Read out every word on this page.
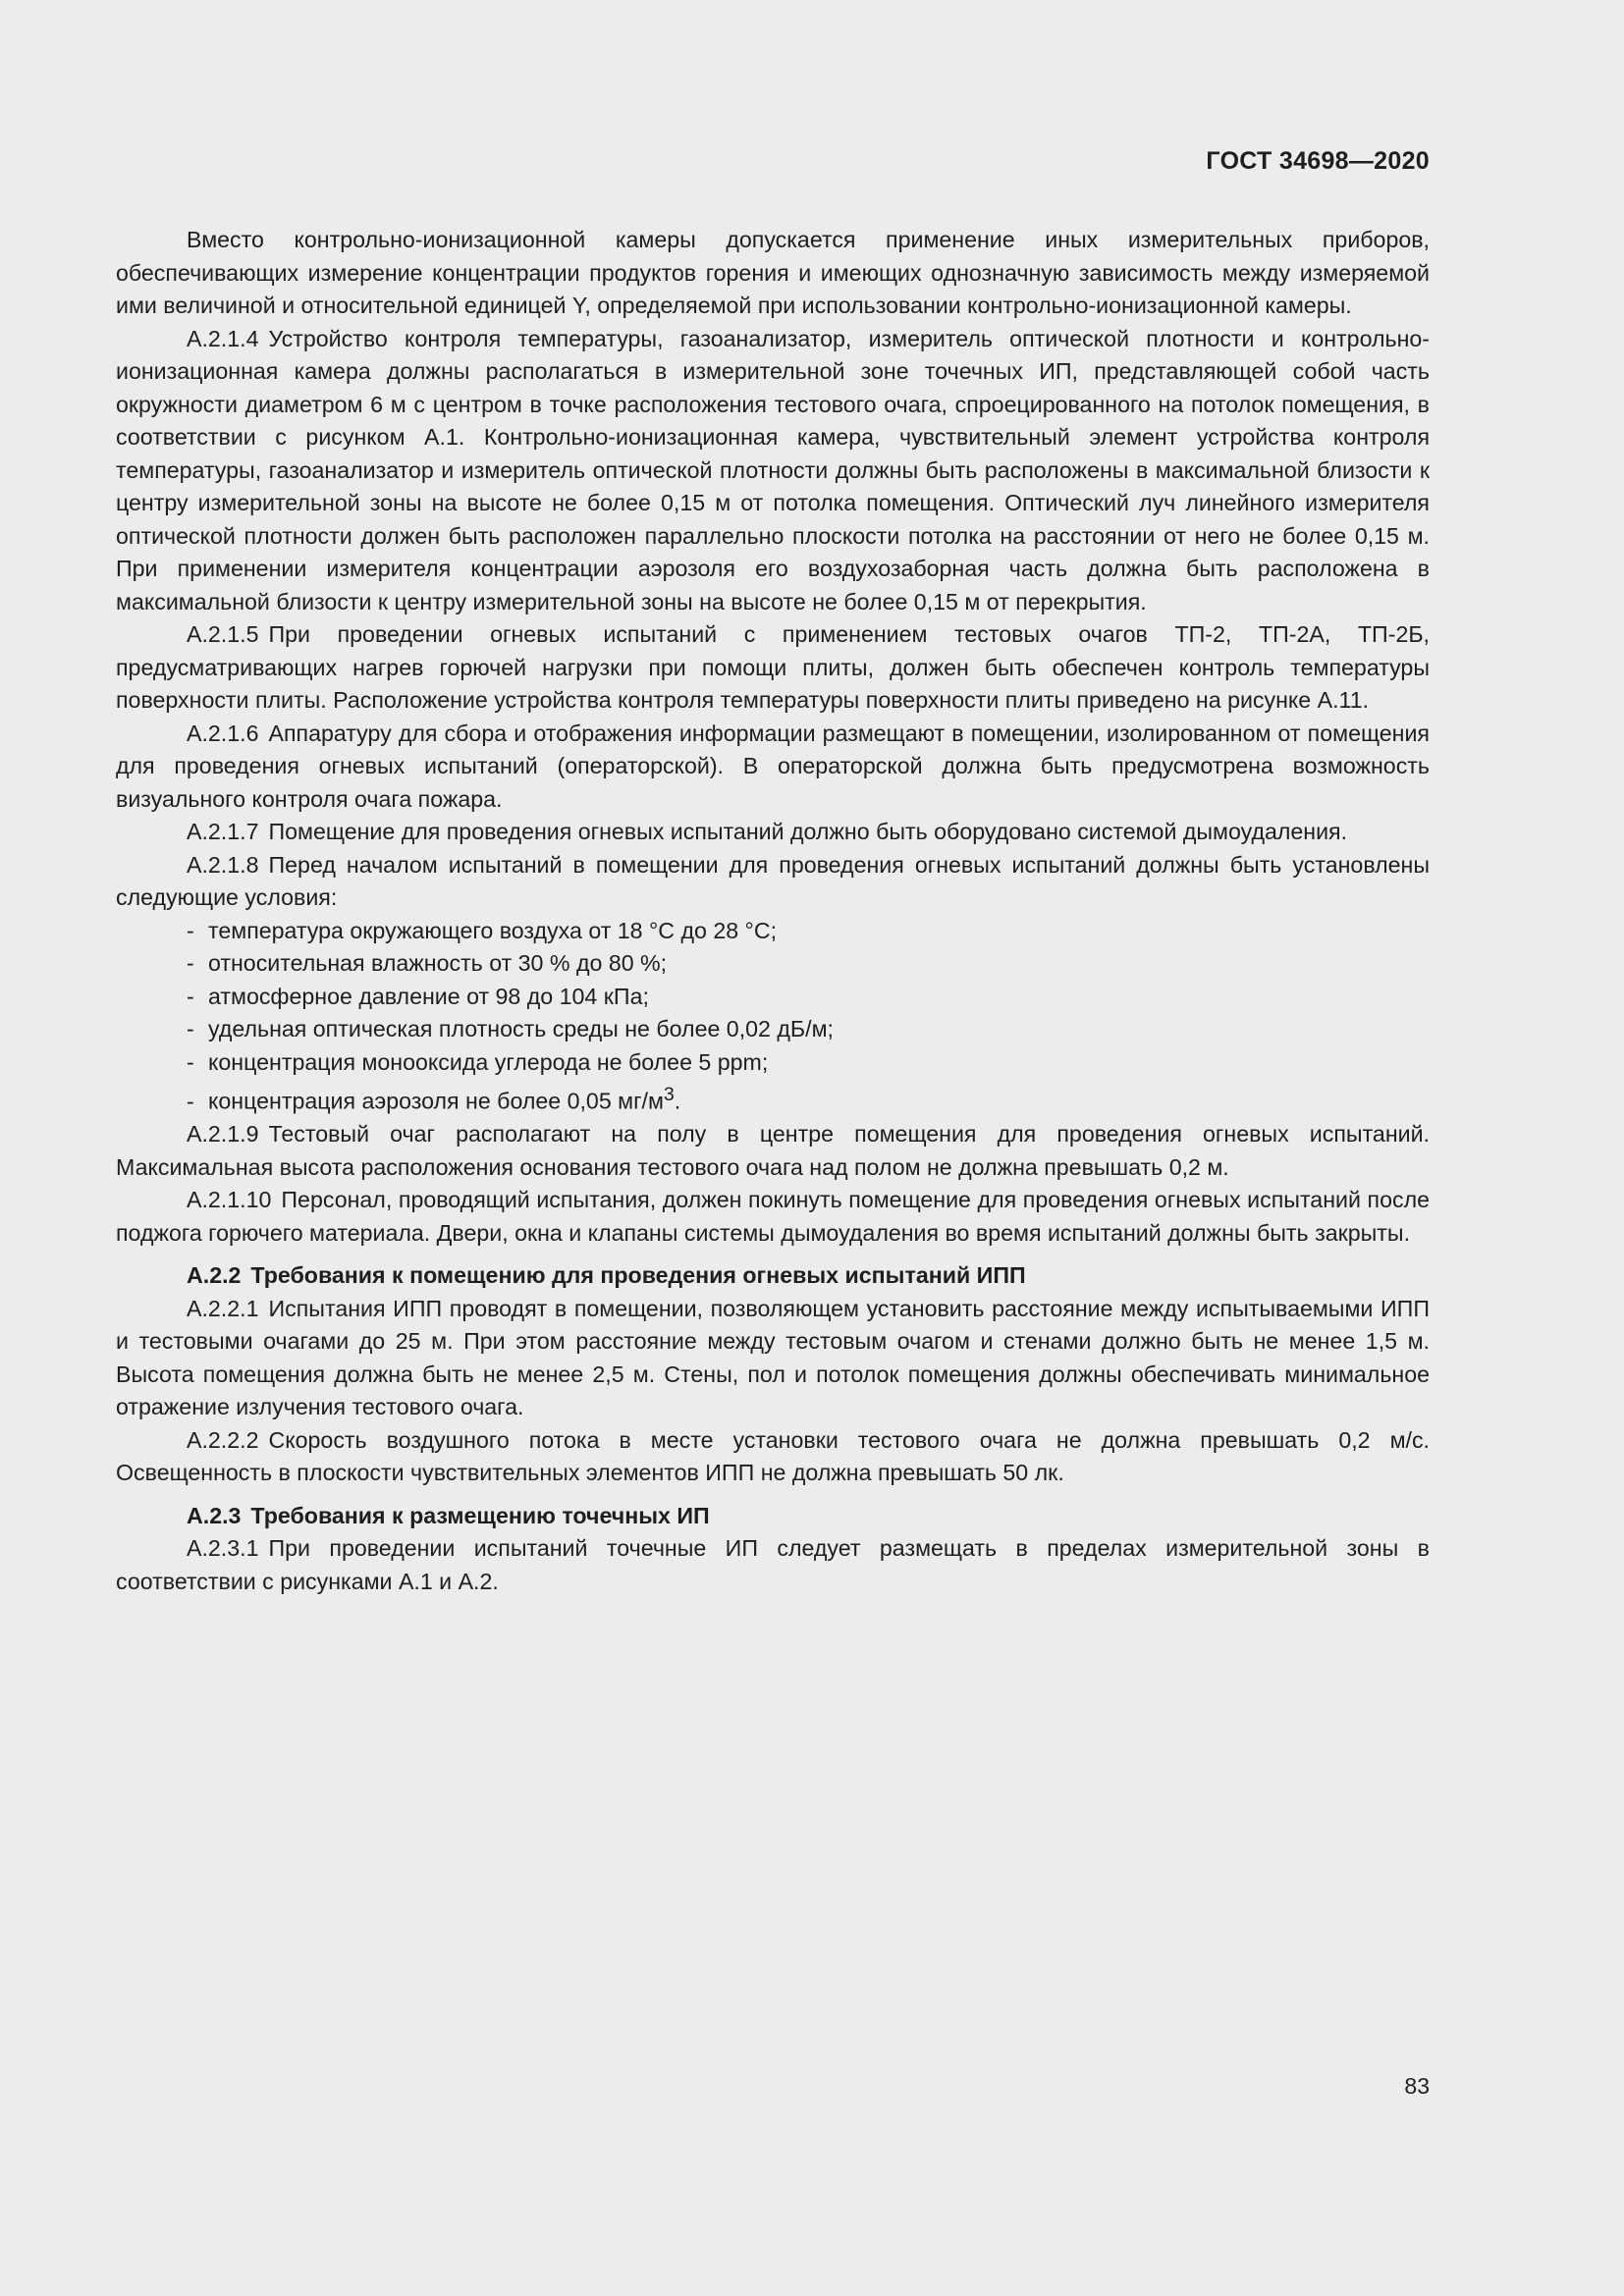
ГОСТ 34698—2020

Вместо контрольно-ионизационной камеры допускается применение иных измерительных приборов, обеспечивающих измерение концентрации продуктов горения и имеющих однозначную зависимость между измеряемой ими величиной и относительной единицей Y, определяемой при использовании контрольно-ионизационной камеры.

А.2.1.4 Устройство контроля температуры, газоанализатор, измеритель оптической плотности и контрольно-ионизационная камера должны располагаться в измерительной зоне точечных ИП, представляющей собой часть окружности диаметром 6 м с центром в точке расположения тестового очага, спроецированного на потолок помещения, в соответствии с рисунком А.1. Контрольно-ионизационная камера, чувствительный элемент устройства контроля температуры, газоанализатор и измеритель оптической плотности должны быть расположены в максимальной близости к центру измерительной зоны на высоте не более 0,15 м от потолка помещения. Оптический луч линейного измерителя оптической плотности должен быть расположен параллельно плоскости потолка на расстоянии от него не более 0,15 м. При применении измерителя концентрации аэрозоля его воздухозаборная часть должна быть расположена в максимальной близости к центру измерительной зоны на высоте не более 0,15 м от перекрытия.

А.2.1.5 При проведении огневых испытаний с применением тестовых очагов ТП-2, ТП-2А, ТП-2Б, предусматривающих нагрев горючей нагрузки при помощи плиты, должен быть обеспечен контроль температуры поверхности плиты. Расположение устройства контроля температуры поверхности плиты приведено на рисунке А.11.

А.2.1.6 Аппаратуру для сбора и отображения информации размещают в помещении, изолированном от помещения для проведения огневых испытаний (операторской). В операторской должна быть предусмотрена возможность визуального контроля очага пожара.

А.2.1.7 Помещение для проведения огневых испытаний должно быть оборудовано системой дымоудаления.

А.2.1.8 Перед началом испытаний в помещении для проведения огневых испытаний должны быть установлены следующие условия:

- температура окружающего воздуха от 18 °С до 28 °С;

- относительная влажность от 30 % до 80 %;

- атмосферное давление от 98 до 104 кПа;

- удельная оптическая плотность среды не более 0,02 дБ/м;

- концентрация монооксида углерода не более 5 ppm;

- концентрация аэрозоля не более 0,05 $мг/м^3$.

А.2.1.9 Тестовый очаг располагают на полу в центре помещения для проведения огневых испытаний. Максимальная высота расположения основания тестового очага над полом не должна превышать 0,2 м.

А.2.1.10 Персонал, проводящий испытания, должен покинуть помещение для проведения огневых испытаний после поджога горючего материала. Двери, окна и клапаны системы дымоудаления во время испытаний должны быть закрыты.

А.2.2 Требования к помещению для проведения огневых испытаний ИПП

А.2.2.1 Испытания ИПП проводят в помещении, позволяющем установить расстояние между испытываемыми ИПП и тестовыми очагами до 25 м. При этом расстояние между тестовым очагом и стенами должно быть не менее 1,5 м. Высота помещения должна быть не менее 2,5 м. Стены, пол и потолок помещения должны обеспечивать минимальное отражение излучения тестового очага.

А.2.2.2 Скорость воздушного потока в месте установки тестового очага не должна превышать 0,2 м/с. Освещенность в плоскости чувствительных элементов ИПП не должна превышать 50 лк.

А.2.3 Требования к размещению точечных ИП

А.2.3.1 При проведении испытаний точечные ИП следует размещать в пределах измерительной зоны в соответствии с рисунками А.1 и А.2.

83
